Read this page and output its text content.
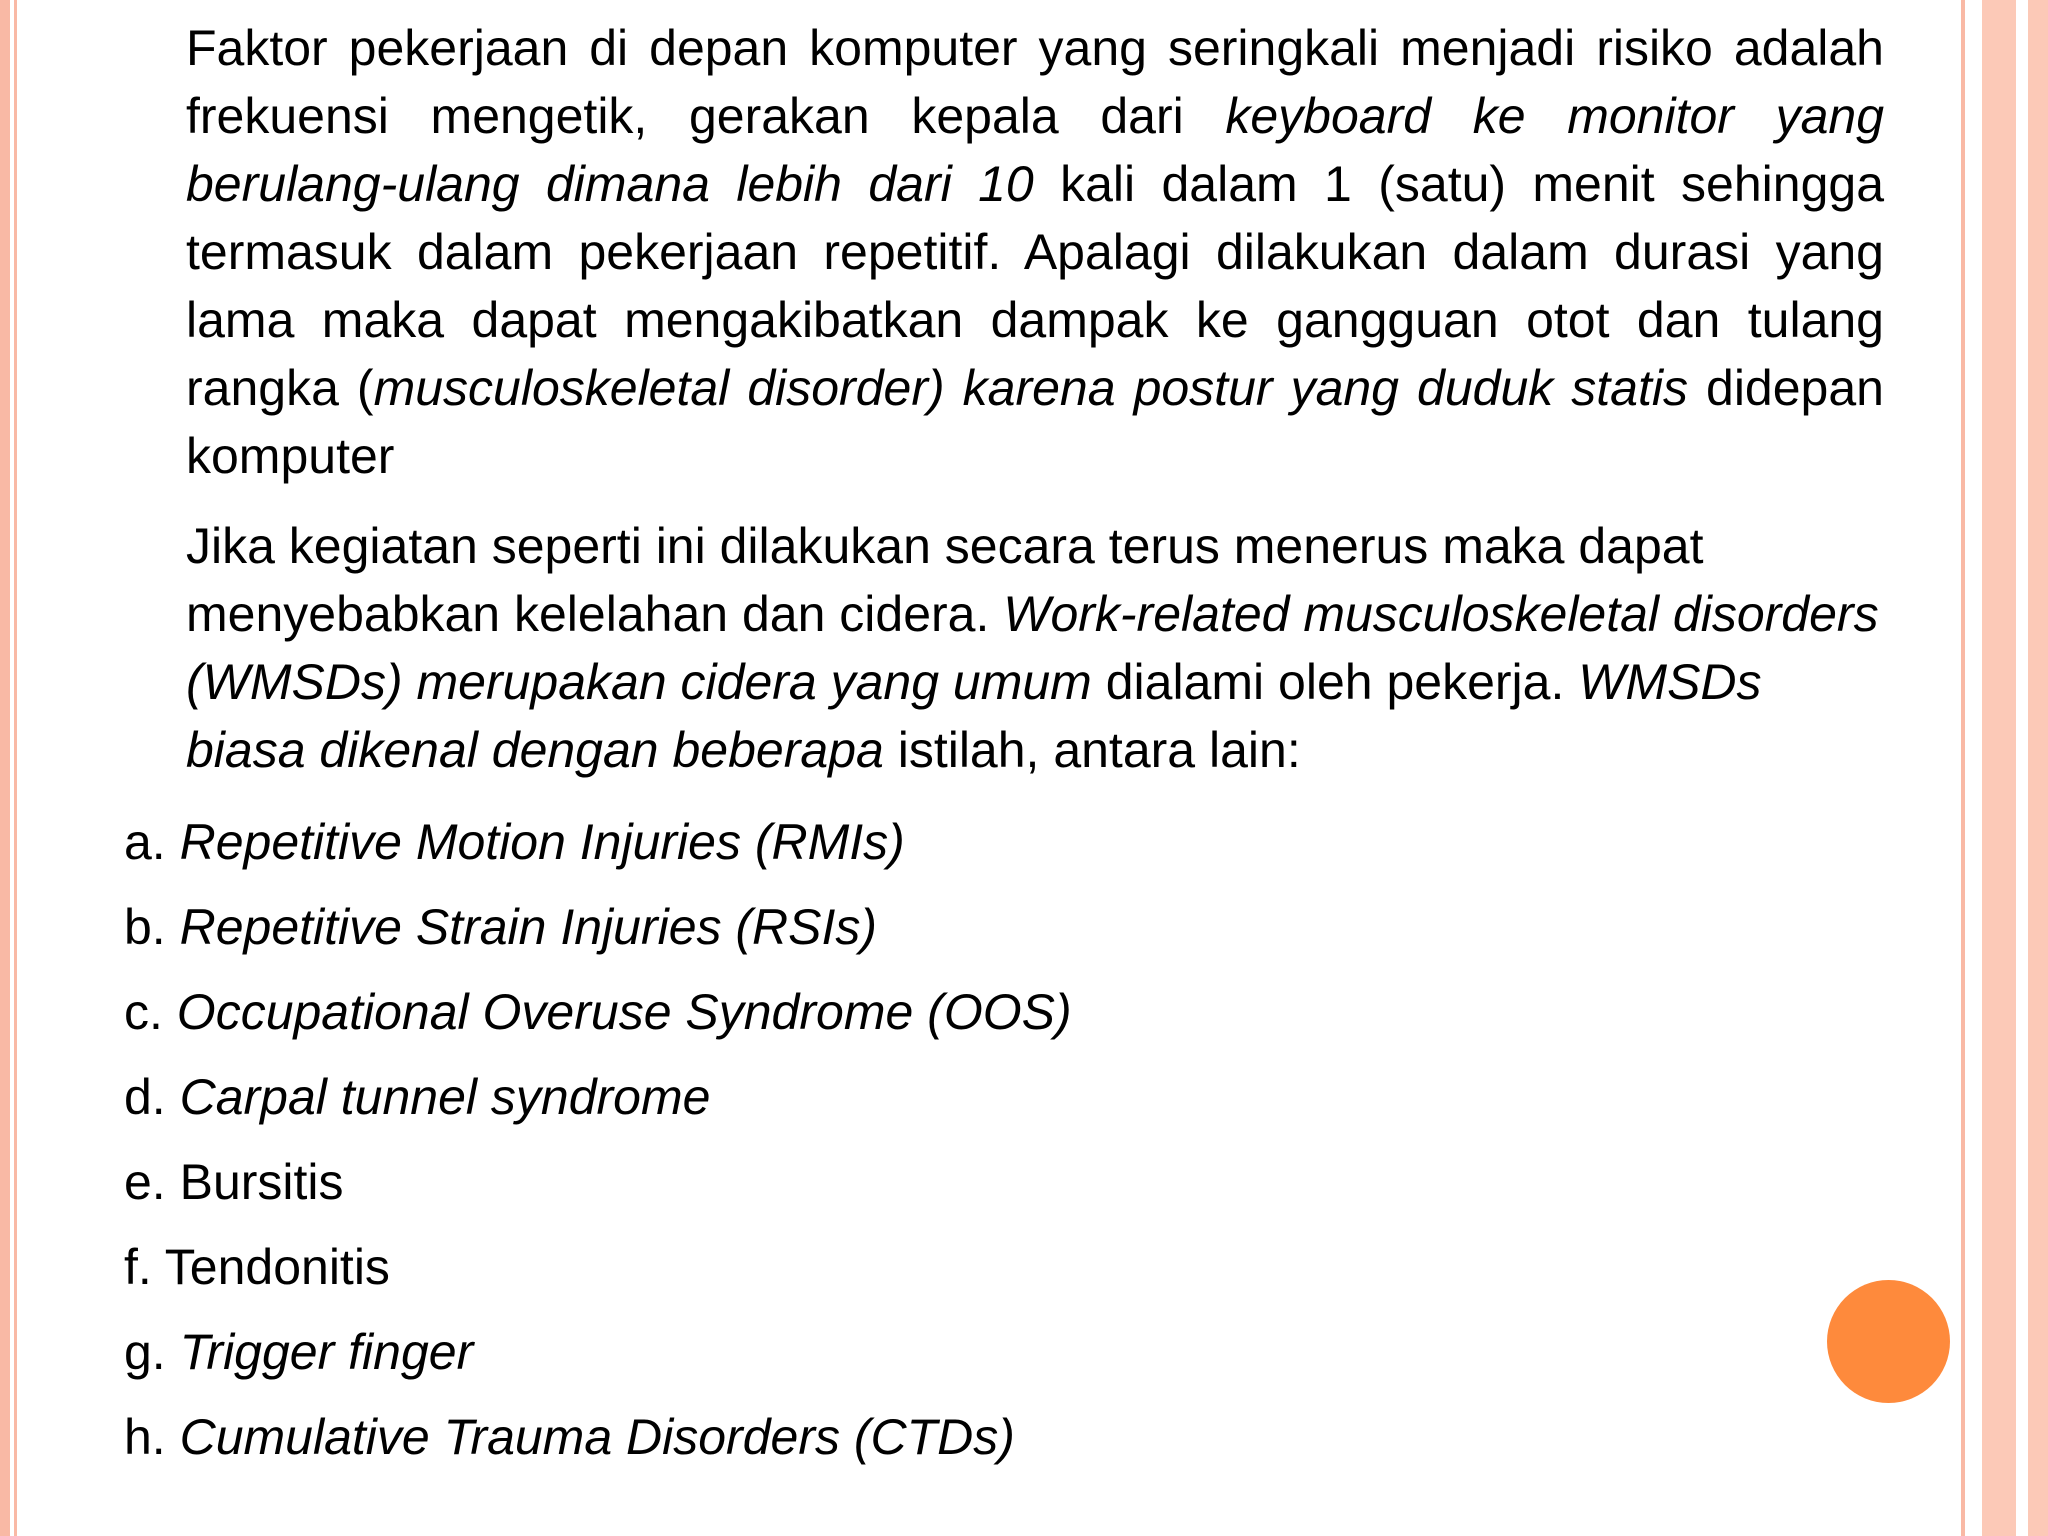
Faktor pekerjaan di depan komputer yang seringkali menjadi risiko adalah frekuensi mengetik, gerakan kepala dari keyboard ke monitor yang berulang-ulang dimana lebih dari 10 kali dalam 1 (satu) menit sehingga termasuk dalam pekerjaan repetitif. Apalagi dilakukan dalam durasi yang lama maka dapat mengakibatkan dampak ke gangguan otot dan tulang rangka (musculoskeletal disorder) karena postur yang duduk statis didepan komputer

Jika kegiatan seperti ini dilakukan secara terus menerus maka dapat menyebabkan kelelahan dan cidera. Work-related musculoskeletal disorders (WMSDs) merupakan cidera yang umum dialami oleh pekerja. WMSDs biasa dikenal dengan beberapa istilah, antara lain:

a. Repetitive Motion Injuries (RMIs)
b. Repetitive Strain Injuries (RSIs)
c. Occupational Overuse Syndrome (OOS)
d. Carpal tunnel syndrome
e. Bursitis
f. Tendonitis
g. Trigger finger
h. Cumulative Trauma Disorders (CTDs)
